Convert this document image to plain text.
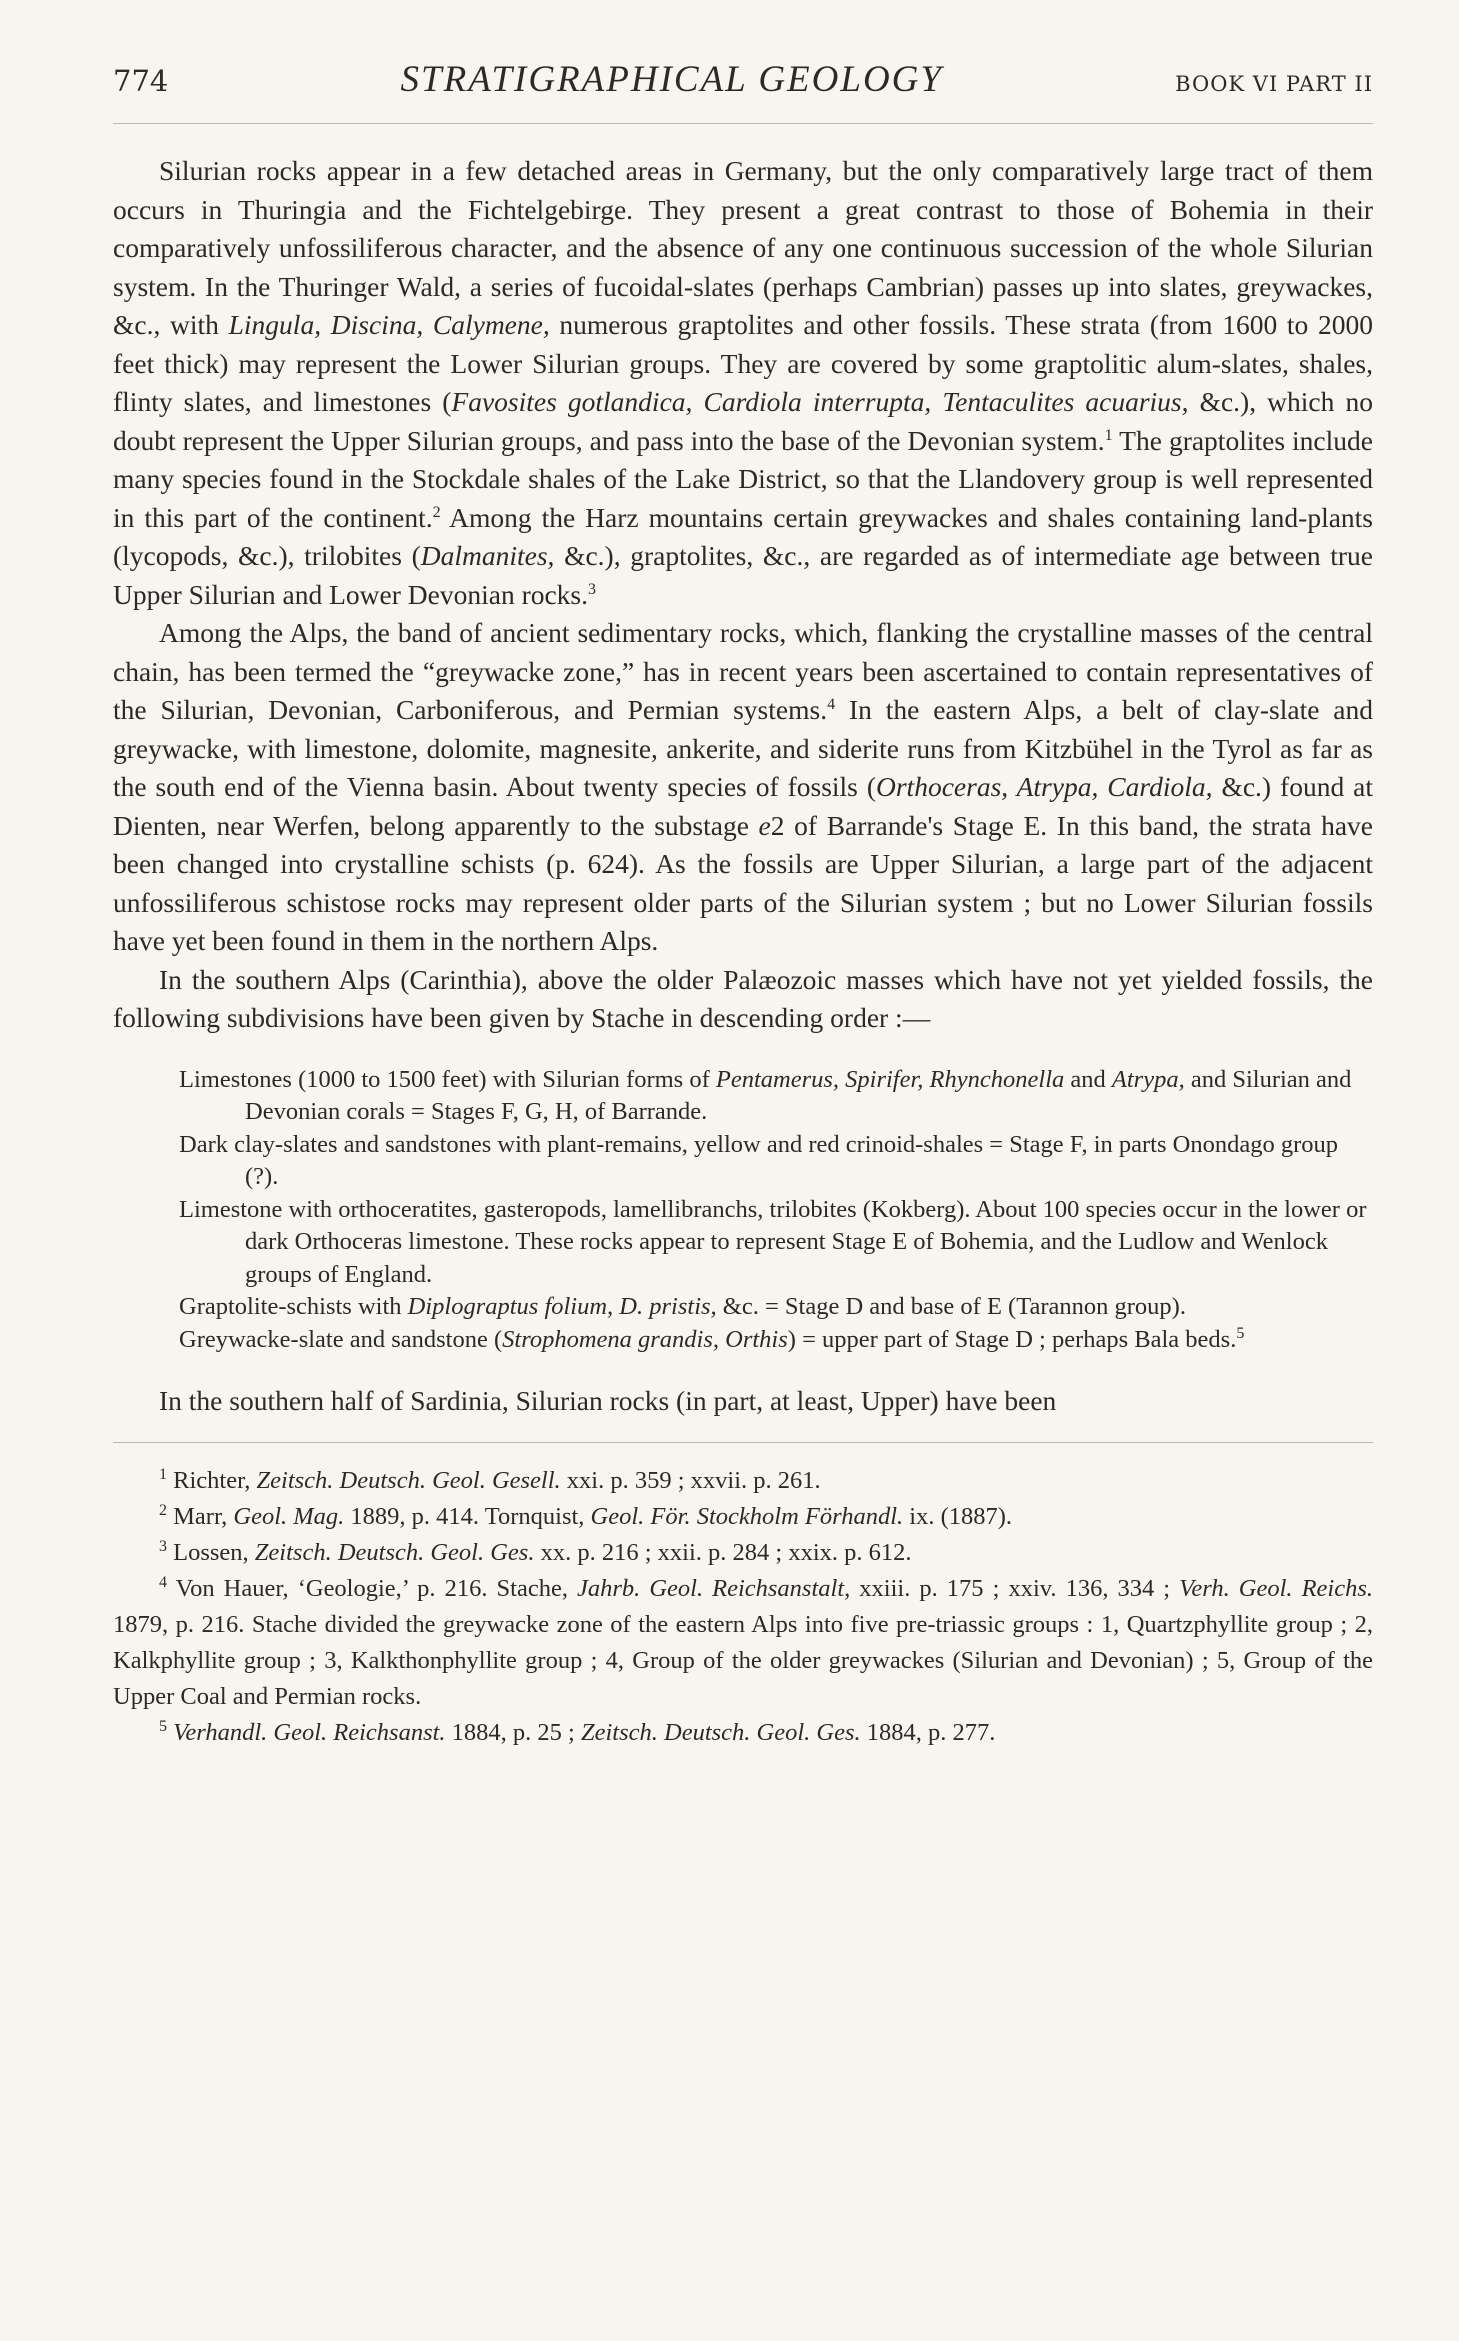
774	STRATIGRAPHICAL GEOLOGY	BOOK VI PART II

Silurian rocks appear in a few detached areas in Germany, but the only comparatively large tract of them occurs in Thuringia and the Fichtelgebirge. They present a great contrast to those of Bohemia in their comparatively unfossiliferous character, and the absence of any one continuous succession of the whole Silurian system. In the Thuringer Wald, a series of fucoidal-slates (perhaps Cambrian) passes up into slates, greywackes, &c., with Lingula, Discina, Calymene, numerous graptolites and other fossils. These strata (from 1600 to 2000 feet thick) may represent the Lower Silurian groups. They are covered by some graptolitic alum-slates, shales, flinty slates, and limestones (Favosites gotlandica, Cardiola interrupta, Tentaculites acuarius, &c.), which no doubt represent the Upper Silurian groups, and pass into the base of the Devonian system.$^1$ The graptolites include many species found in the Stockdale shales of the Lake District, so that the Llandovery group is well represented in this part of the continent.$^2$ Among the Harz mountains certain greywackes and shales containing land-plants (lycopods, &c.), trilobites (Dalmanites, &c.), graptolites, &c., are regarded as of intermediate age between true Upper Silurian and Lower Devonian rocks.$^3$

Among the Alps, the band of ancient sedimentary rocks, which, flanking the crystalline masses of the central chain, has been termed the “greywacke zone,” has in recent years been ascertained to contain representatives of the Silurian, Devonian, Carboniferous, and Permian systems.$^4$ In the eastern Alps, a belt of clay-slate and greywacke, with limestone, dolomite, magnesite, ankerite, and siderite runs from Kitzbühel in the Tyrol as far as the south end of the Vienna basin. About twenty species of fossils (Orthoceras, Atrypa, Cardiola, &c.) found at Dienten, near Werfen, belong apparently to the substage e2 of Barrande's Stage E. In this band, the strata have been changed into crystalline schists (p. 624). As the fossils are Upper Silurian, a large part of the adjacent unfossiliferous schistose rocks may represent older parts of the Silurian system ; but no Lower Silurian fossils have yet been found in them in the northern Alps.

In the southern Alps (Carinthia), above the older Palæozoic masses which have not yet yielded fossils, the following subdivisions have been given by Stache in descending order :—

Limestones (1000 to 1500 feet) with Silurian forms of Pentamerus, Spirifer, Rhynchonella and Atrypa, and Silurian and Devonian corals = Stages F, G, H, of Barrande.

Dark clay-slates and sandstones with plant-remains, yellow and red crinoid-shales = Stage F, in parts Onondago group (?).

Limestone with orthoceratites, gasteropods, lamellibranchs, trilobites (Kokberg). About 100 species occur in the lower or dark Orthoceras limestone. These rocks appear to represent Stage E of Bohemia, and the Ludlow and Wenlock groups of England.

Graptolite-schists with Diplograptus folium, D. pristis, &c. = Stage D and base of E (Tarannon group).

Greywacke-slate and sandstone (Strophomena grandis, Orthis) = upper part of Stage D ; perhaps Bala beds.$^5$

In the southern half of Sardinia, Silurian rocks (in part, at least, Upper) have been

$^1$ Richter, Zeitsch. Deutsch. Geol. Gesell. xxi. p. 359 ; xxvii. p. 261.

$^2$ Marr, Geol. Mag. 1889, p. 414. Tornquist, Geol. För. Stockholm Förhandl. ix. (1887).

$^3$ Lossen, Zeitsch. Deutsch. Geol. Ges. xx. p. 216 ; xxii. p. 284 ; xxix. p. 612.

$^4$ Von Hauer, ‘Geologie,’ p. 216. Stache, Jahrb. Geol. Reichsanstalt, xxiii. p. 175 ; xxiv. 136, 334 ; Verh. Geol. Reichs. 1879, p. 216. Stache divided the greywacke zone of the eastern Alps into five pre-triassic groups : 1, Quartzphyllite group ; 2, Kalkphyllite group ; 3, Kalkthonphyllite group ; 4, Group of the older greywackes (Silurian and Devonian) ; 5, Group of the Upper Coal and Permian rocks.

$^5$ Verhandl. Geol. Reichsanst. 1884, p. 25 ; Zeitsch. Deutsch. Geol. Ges. 1884, p. 277.
